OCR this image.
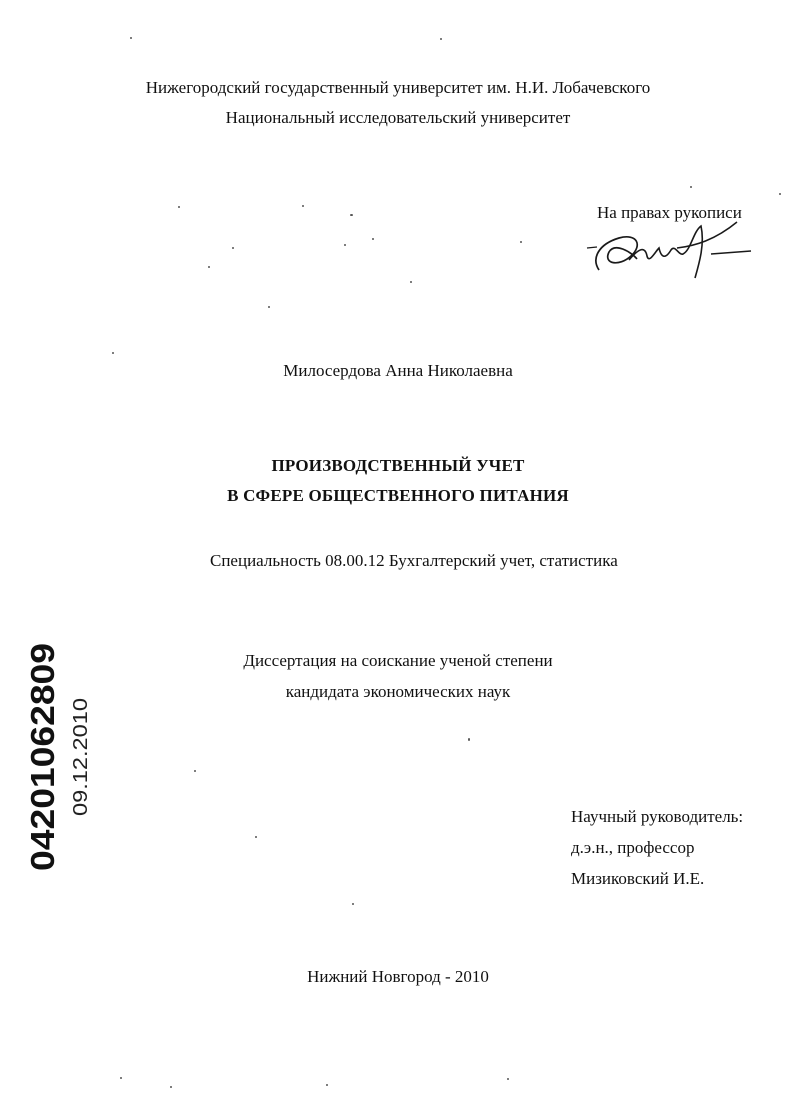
Нижегородский государственный университет им. Н.И. Лобачевского
Национальный исследовательский университет
На правах рукописи
Милосердова Анна Николаевна
ПРОИЗВОДСТВЕННЫЙ УЧЕТ
В СФЕРЕ ОБЩЕСТВЕННОГО ПИТАНИЯ
Специальность 08.00.12 Бухгалтерский учет, статистика
Диссертация на соискание ученой степени
кандидата экономических наук
Научный руководитель:
д.э.н., профессор
Мизиковский И.Е.
Нижний Новгород - 2010
04201062809 09.12.2010
